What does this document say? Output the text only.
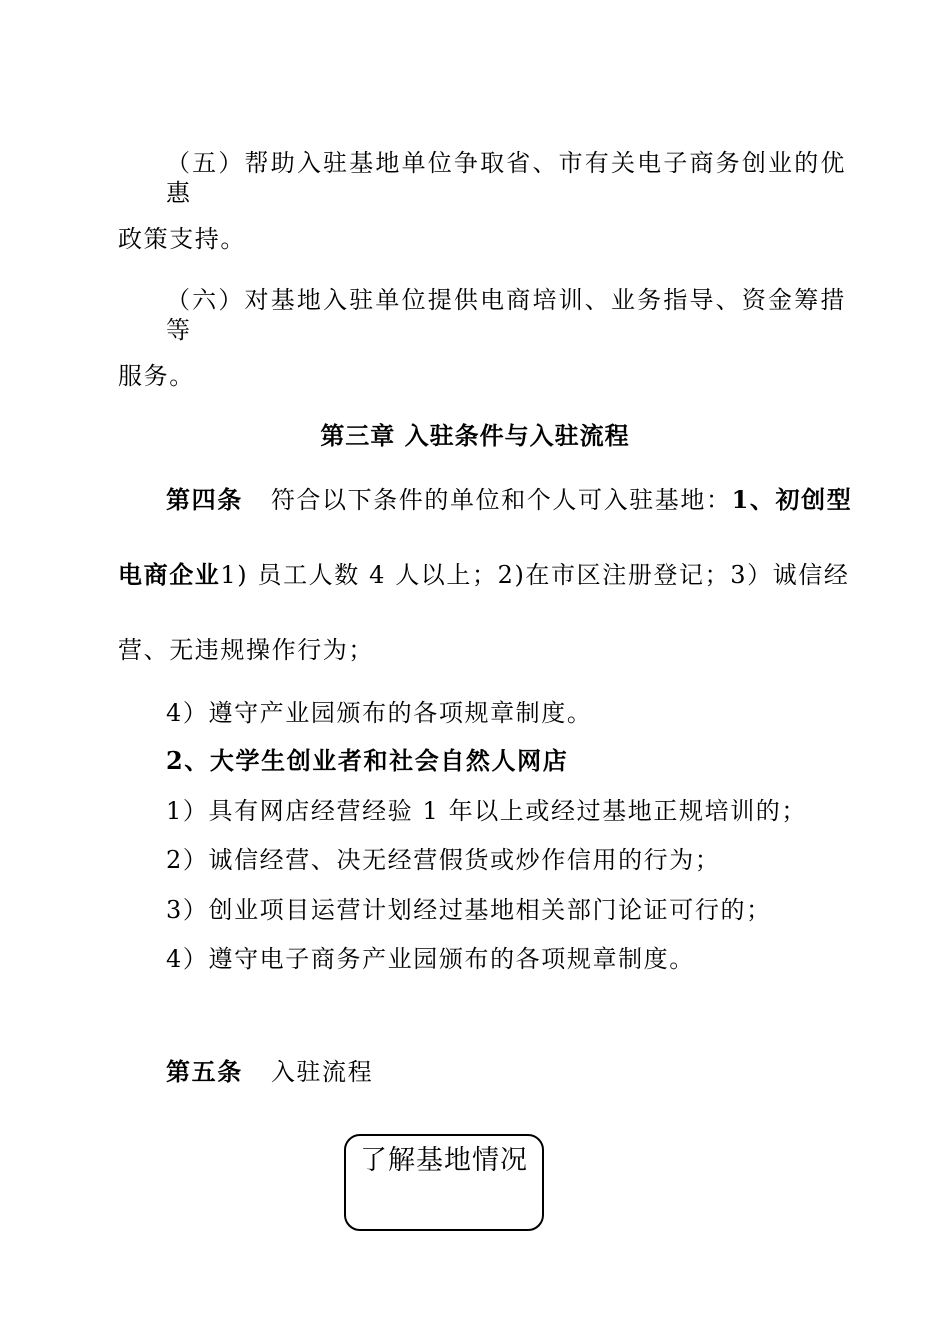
（五）帮助入驻基地单位争取省、市有关电子商务创业的优惠
政策支持。
（六）对基地入驻单位提供电商培训、业务指导、资金筹措等
服务。
第三章 入驻条件与入驻流程
第四条 符合以下条件的单位和个人可入驻基地：1、初创型
电商企业1) 员工人数 4 人以上；2)在市区注册登记；3）诚信经
营、无违规操作行为；
4）遵守产业园颁布的各项规章制度。
2、大学生创业者和社会自然人网店
1）具有网店经营经验 1 年以上或经过基地正规培训的；
2）诚信经营、决无经营假货或炒作信用的行为；
3）创业项目运营计划经过基地相关部门论证可行的；
4）遵守电子商务产业园颁布的各项规章制度。
第五条 入驻流程
了解基地情况
